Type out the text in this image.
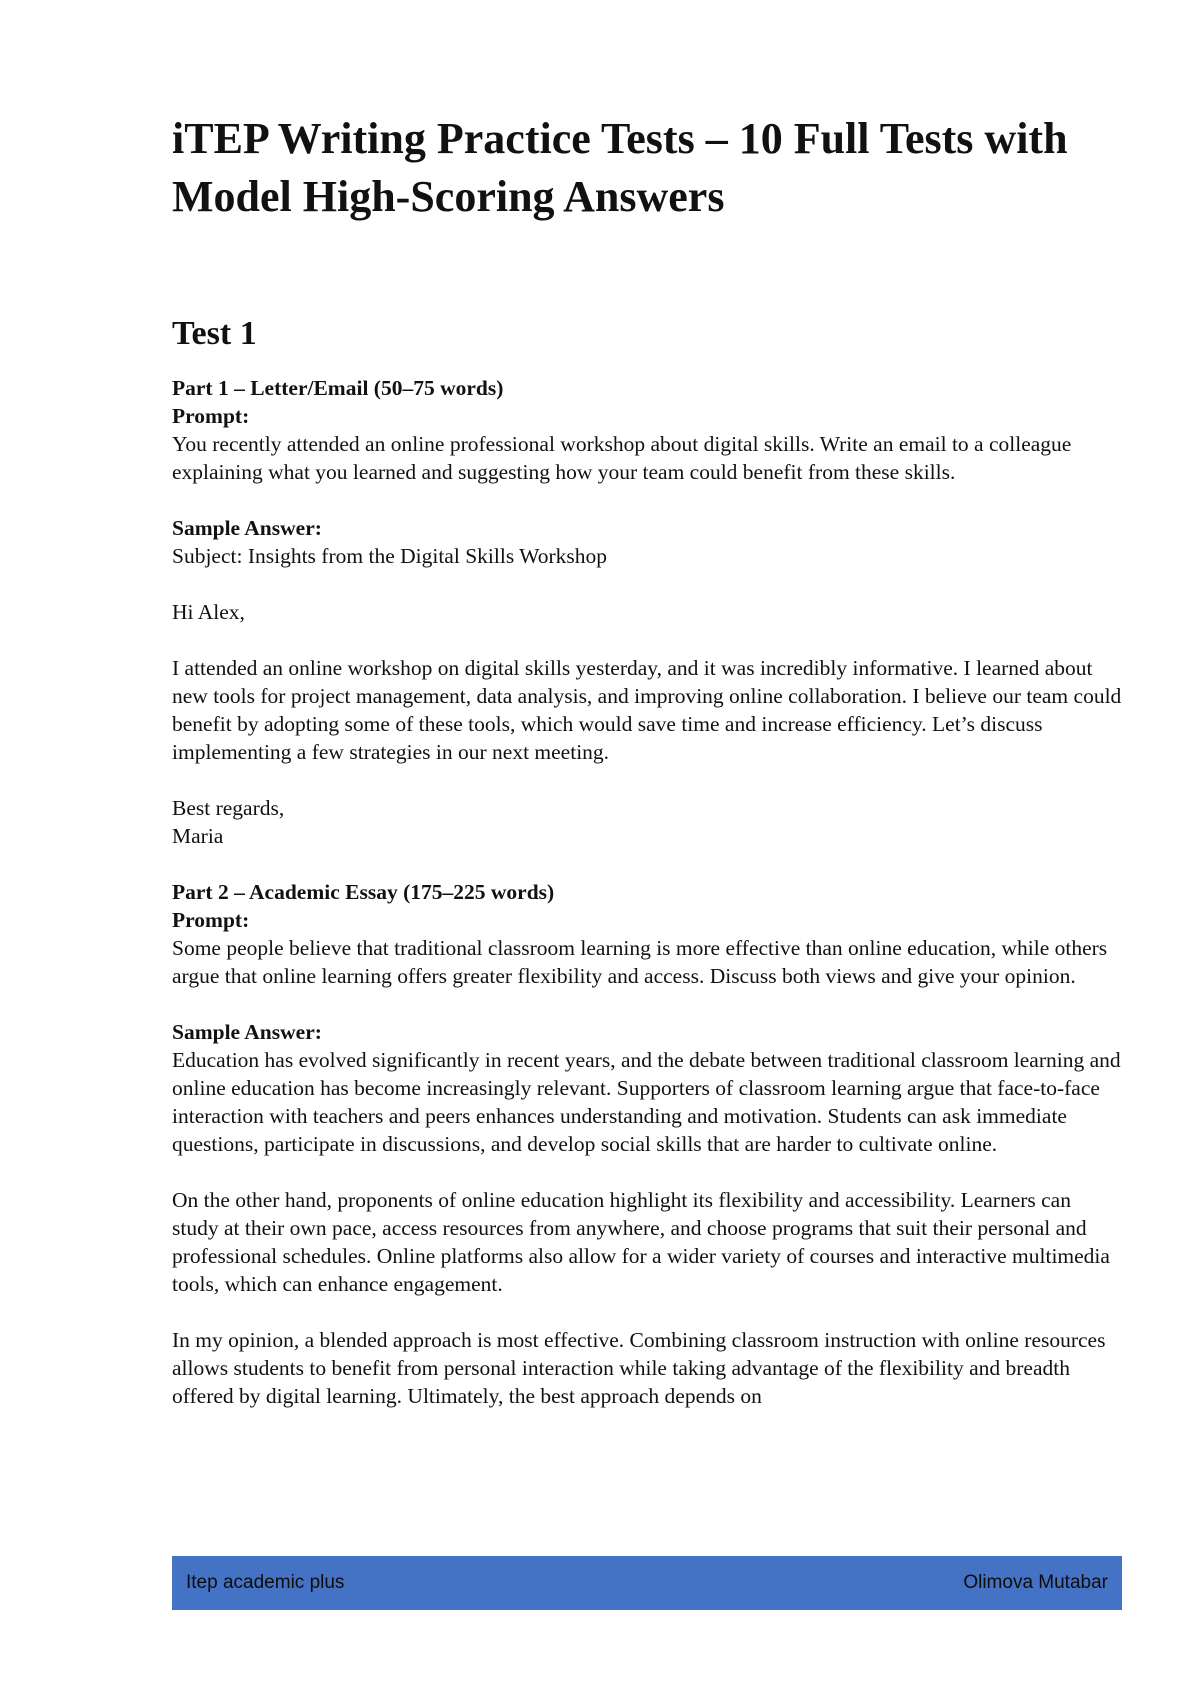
iTEP Writing Practice Tests – 10 Full Tests with Model High-Scoring Answers
Test 1

Part 1 – Letter/Email (50–75 words)

Prompt:

You recently attended an online professional workshop about digital skills. Write an email to a colleague explaining what you learned and suggesting how your team could benefit from these skills.

Sample Answer:

Subject: Insights from the Digital Skills Workshop

Hi Alex,

I attended an online workshop on digital skills yesterday, and it was incredibly informative. I learned about new tools for project management, data analysis, and improving online collaboration. I believe our team could benefit by adopting some of these tools, which would save time and increase efficiency. Let’s discuss implementing a few strategies in our next meeting.

Best regards,

Maria

Part 2 – Academic Essay (175–225 words)

Prompt:

Some people believe that traditional classroom learning is more effective than online education, while others argue that online learning offers greater flexibility and access. Discuss both views and give your opinion.

Sample Answer:

Education has evolved significantly in recent years, and the debate between traditional classroom learning and online education has become increasingly relevant. Supporters of classroom learning argue that face-to-face interaction with teachers and peers enhances understanding and motivation. Students can ask immediate questions, participate in discussions, and develop social skills that are harder to cultivate online.

On the other hand, proponents of online education highlight its flexibility and accessibility. Learners can study at their own pace, access resources from anywhere, and choose programs that suit their personal and professional schedules. Online platforms also allow for a wider variety of courses and interactive multimedia tools, which can enhance engagement.

In my opinion, a blended approach is most effective. Combining classroom instruction with online resources allows students to benefit from personal interaction while taking advantage of the flexibility and breadth offered by digital learning. Ultimately, the best approach depends on

Itep academic plus	Olimova Mutabar
